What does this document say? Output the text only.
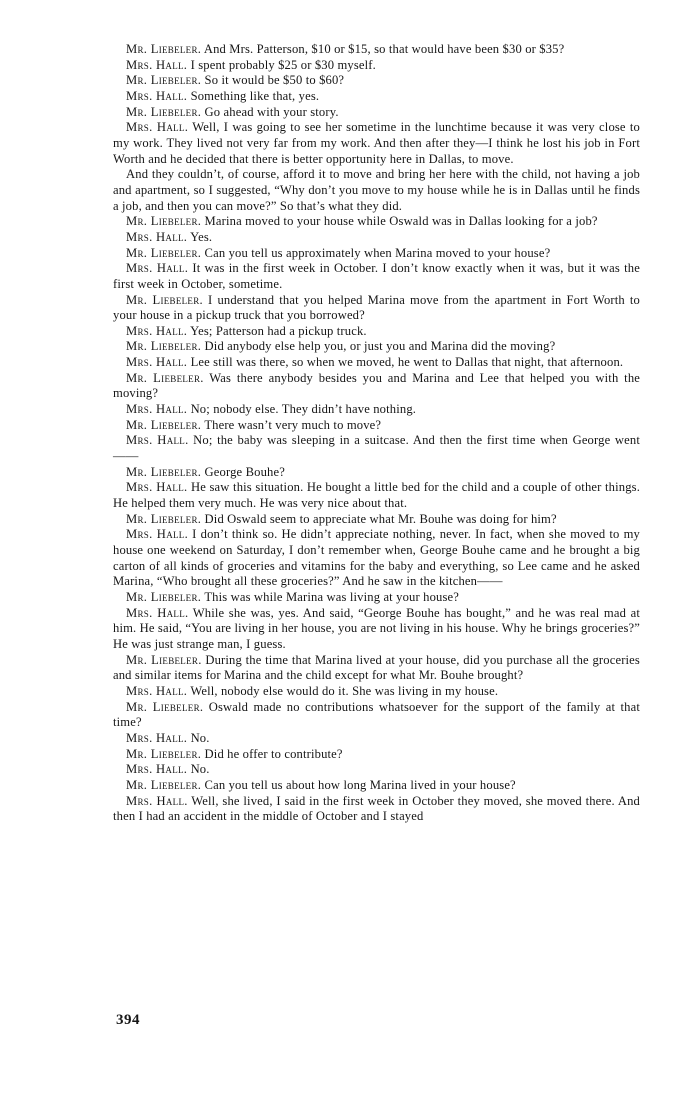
Mr. Liebeler. And Mrs. Patterson, $10 or $15, so that would have been $30 or $35?

Mrs. Hall. I spent probably $25 or $30 myself.

Mr. Liebeler. So it would be $50 to $60?

Mrs. Hall. Something like that, yes.

Mr. Liebeler. Go ahead with your story.

Mrs. Hall. Well, I was going to see her sometime in the lunchtime because it was very close to my work. They lived not very far from my work. And then after they—I think he lost his job in Fort Worth and he decided that there is better opportunity here in Dallas, to move.

And they couldn’t, of course, afford it to move and bring her here with the child, not having a job and apartment, so I suggested, “Why don’t you move to my house while he is in Dallas until he finds a job, and then you can move?” So that’s what they did.

Mr. Liebeler. Marina moved to your house while Oswald was in Dallas looking for a job?

Mrs. Hall. Yes.

Mr. Liebeler. Can you tell us approximately when Marina moved to your house?

Mrs. Hall. It was in the first week in October. I don’t know exactly when it was, but it was the first week in October, sometime.

Mr. Liebeler. I understand that you helped Marina move from the apartment in Fort Worth to your house in a pickup truck that you borrowed?

Mrs. Hall. Yes; Patterson had a pickup truck.

Mr. Liebeler. Did anybody else help you, or just you and Marina did the moving?

Mrs. Hall. Lee still was there, so when we moved, he went to Dallas that night, that afternoon.

Mr. Liebeler. Was there anybody besides you and Marina and Lee that helped you with the moving?

Mrs. Hall. No; nobody else. They didn’t have nothing.

Mr. Liebeler. There wasn’t very much to move?

Mrs. Hall. No; the baby was sleeping in a suitcase. And then the first time when George went——

Mr. Liebeler. George Bouhe?

Mrs. Hall. He saw this situation. He bought a little bed for the child and a couple of other things. He helped them very much. He was very nice about that.

Mr. Liebeler. Did Oswald seem to appreciate what Mr. Bouhe was doing for him?

Mrs. Hall. I don’t think so. He didn’t appreciate nothing, never. In fact, when she moved to my house one weekend on Saturday, I don’t remember when, George Bouhe came and he brought a big carton of all kinds of groceries and vitamins for the baby and everything, so Lee came and he asked Marina, “Who brought all these groceries?” And he saw in the kitchen——

Mr. Liebeler. This was while Marina was living at your house?

Mrs. Hall. While she was, yes. And said, “George Bouhe has bought,” and he was real mad at him. He said, “You are living in her house, you are not living in his house. Why he brings groceries?” He was just strange man, I guess.

Mr. Liebeler. During the time that Marina lived at your house, did you purchase all the groceries and similar items for Marina and the child except for what Mr. Bouhe brought?

Mrs. Hall. Well, nobody else would do it. She was living in my house.

Mr. Liebeler. Oswald made no contributions whatsoever for the support of the family at that time?

Mrs. Hall. No.

Mr. Liebeler. Did he offer to contribute?

Mrs. Hall. No.

Mr. Liebeler. Can you tell us about how long Marina lived in your house?

Mrs. Hall. Well, she lived, I said in the first week in October they moved, she moved there. And then I had an accident in the middle of October and I stayed

394
